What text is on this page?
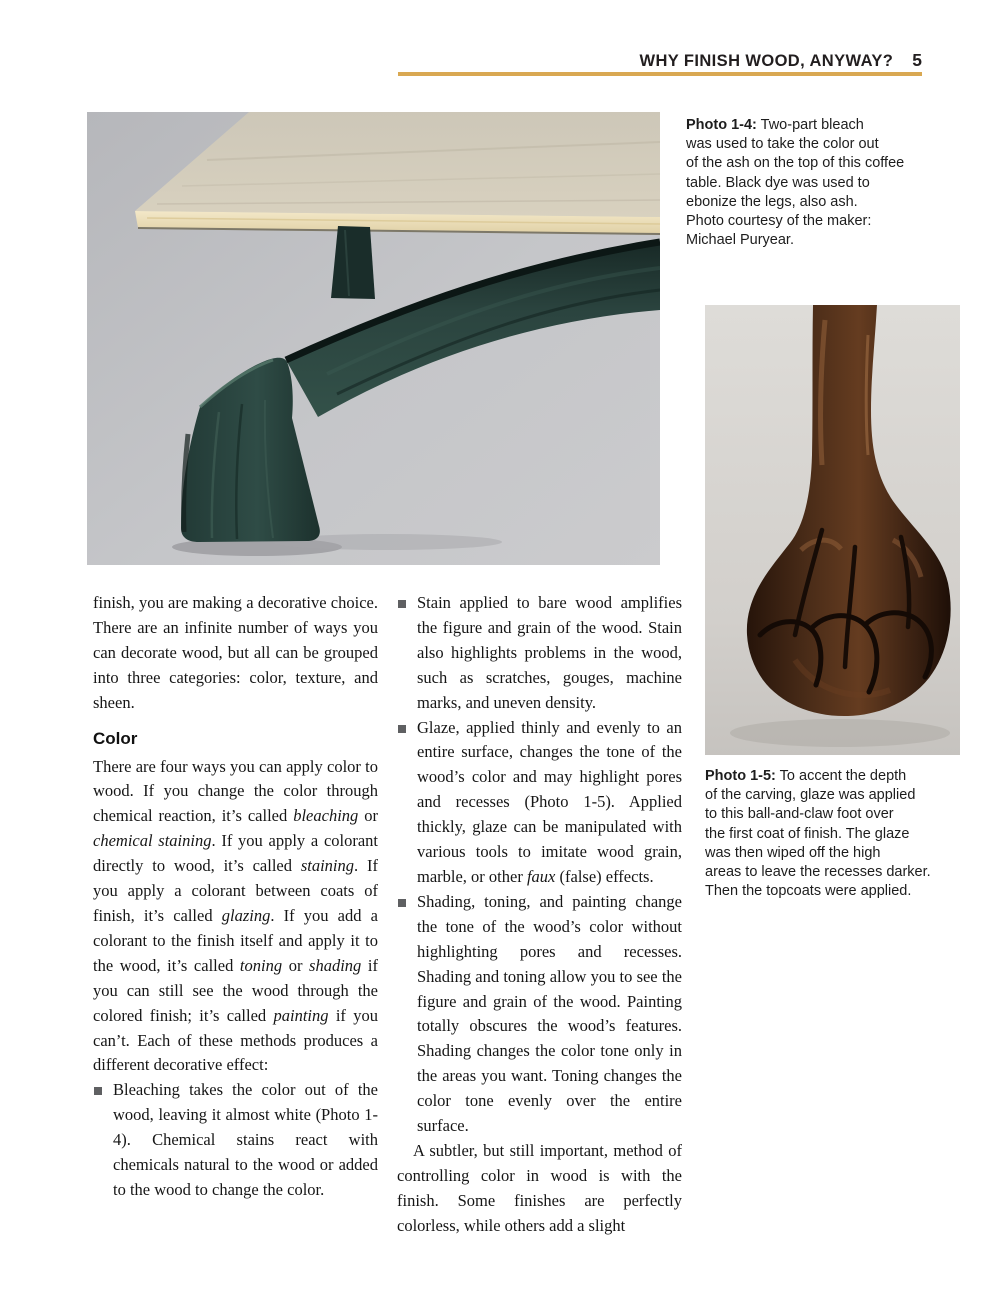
WHY FINISH WOOD, ANYWAY? 5
Photo 1-4: Two-part bleach
was used to take the color out
of the ash on the top of this coffee
table. Black dye was used to
ebonize the legs, also ash.
Photo courtesy of the maker:
Michael Puryear.
Photo 1-5: To accent the depth
of the carving, glaze was applied
to this ball-and-claw foot over
the first coat of finish. The glaze
was then wiped off the high
areas to leave the recesses darker.
Then the topcoats were applied.

finish, you are making a decorative choice. There are an infinite number of ways you can decorate wood, but all can be grouped into three categories: color, texture, and sheen.

Color

There are four ways you can apply color to wood. If you change the color through chemical reaction, it’s called bleaching or chemical staining. If you apply a colorant directly to wood, it’s called staining. If you apply a colorant between coats of finish, it’s called glazing. If you add a colorant to the finish itself and apply it to the wood, it’s called toning or shading if you can still see the wood through the colored finish; it’s called painting if you can’t. Each of these methods produces a different decorative effect:

Bleaching takes the color out of the wood, leaving it almost white (Photo 1-4). Chemical stains react with chemicals natural to the wood or added to the wood to change the color.

Stain applied to bare wood amplifies the figure and grain of the wood. Stain also highlights problems in the wood, such as scratches, gouges, machine marks, and uneven density.

Glaze, applied thinly and evenly to an entire surface, changes the tone of the wood’s color and may highlight pores and recesses (Photo 1-5). Applied thickly, glaze can be manipulated with various tools to imitate wood grain, marble, or other faux (false) effects.

Shading, toning, and painting change the tone of the wood’s color without highlighting pores and recesses. Shading and toning allow you to see the figure and grain of the wood. Painting totally obscures the wood’s features. Shading changes the color tone only in the areas you want. Toning changes the color tone evenly over the entire surface.

A subtler, but still important, method of controlling color in wood is with the finish. Some finishes are perfectly colorless, while others add a slight
